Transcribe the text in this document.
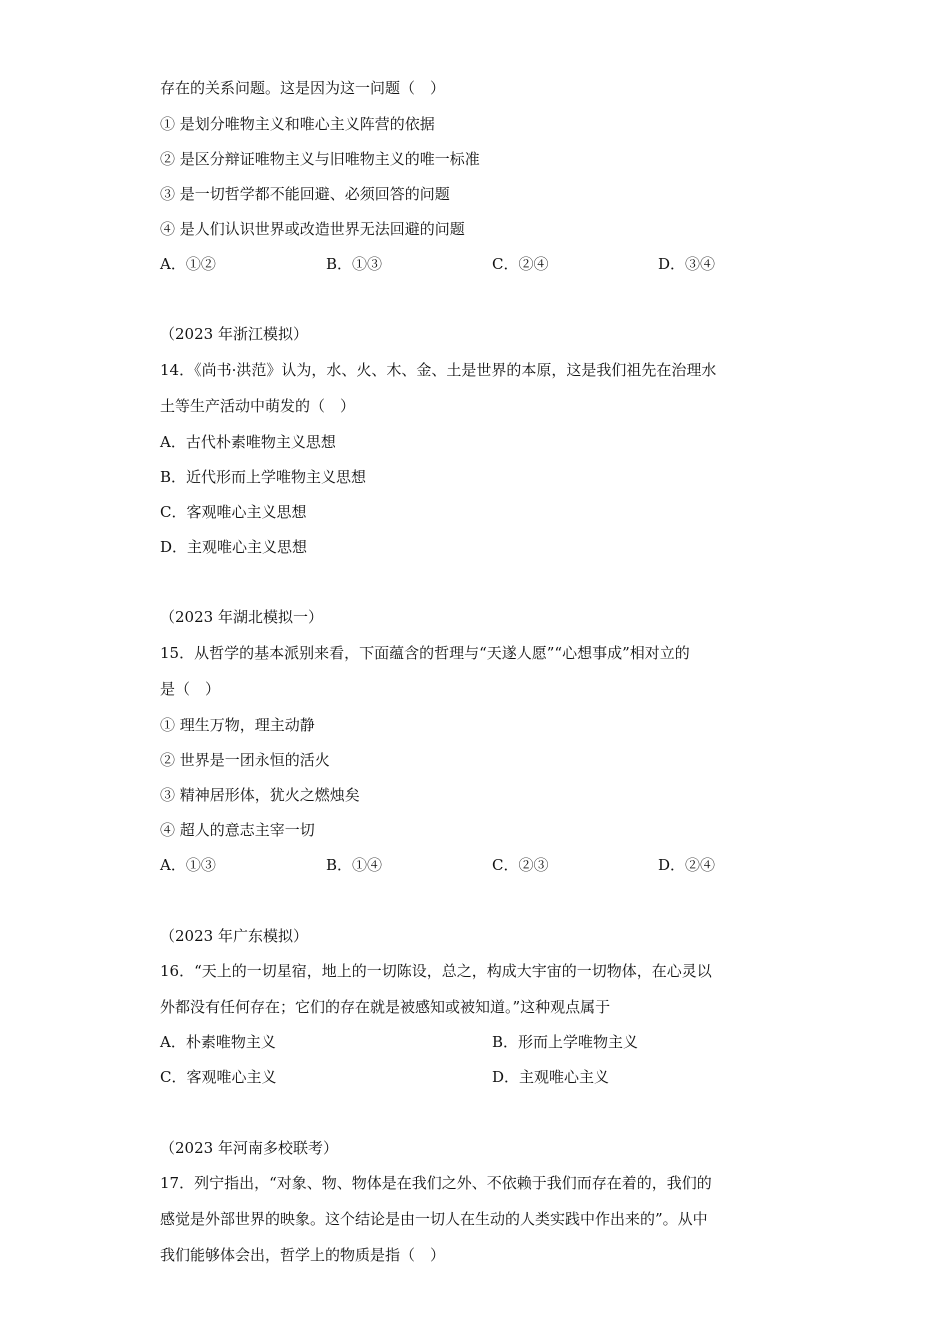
存在的关系问题。这是因为这一问题（　）
① 是划分唯物主义和唯心主义阵营的依据
② 是区分辩证唯物主义与旧唯物主义的唯一标准
③ 是一切哲学都不能回避、必须回答的问题
④ 是人们认识世界或改造世界无法回避的问题
A．①②	B．①③	C．②④	D．③④
（2023 年浙江模拟）
14．《尚书·洪范》认为，水、火、木、金、土是世界的本原，这是我们祖先在治理水
土等生产活动中萌发的（　）
A．古代朴素唯物主义思想
B．近代形而上学唯物主义思想
C．客观唯心主义思想
D．主观唯心主义思想
（2023 年湖北模拟一）
15．从哲学的基本派别来看，下面蕴含的哲理与“天遂人愿”“心想事成”相对立的
是（　）
① 理生万物，理主动静
② 世界是一团永恒的活火
③ 精神居形体，犹火之燃烛矣
④ 超人的意志主宰一切
A．①③	B．①④	C．②③	D．②④
（2023 年广东模拟）
16．“天上的一切星宿，地上的一切陈设，总之，构成大宇宙的一切物体，在心灵以
外都没有任何存在；它们的存在就是被感知或被知道。”这种观点属于
A．朴素唯物主义	B．形而上学唯物主义
C．客观唯心主义	D．主观唯心主义
（2023 年河南多校联考）
17．列宁指出，“对象、物、物体是在我们之外、不依赖于我们而存在着的，我们的
感觉是外部世界的映象。这个结论是由一切人在生动的人类实践中作出来的”。从中
我们能够体会出，哲学上的物质是指（　）
